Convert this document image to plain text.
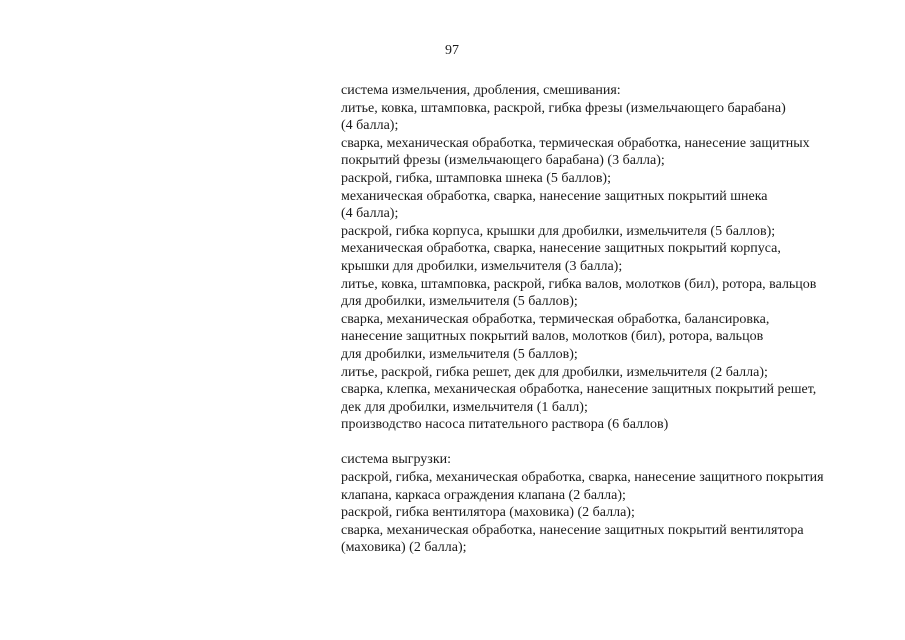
97
система измельчения, дробления, смешивания:
литье, ковка, штамповка, раскрой, гибка фрезы (измельчающего барабана)
(4 балла);
сварка, механическая обработка, термическая обработка, нанесение защитных
покрытий фрезы (измельчающего барабана) (3 балла);
раскрой, гибка, штамповка шнека (5 баллов);
механическая обработка, сварка, нанесение защитных покрытий шнека
(4 балла);
раскрой, гибка корпуса, крышки для дробилки, измельчителя (5 баллов);
механическая обработка, сварка, нанесение защитных покрытий корпуса,
крышки для дробилки, измельчителя (3 балла);
литье, ковка, штамповка, раскрой, гибка валов, молотков (бил), ротора, вальцов
для дробилки, измельчителя (5 баллов);
сварка, механическая обработка, термическая обработка, балансировка,
нанесение защитных покрытий валов, молотков (бил), ротора, вальцов
для дробилки, измельчителя (5 баллов);
литье, раскрой, гибка решет, дек для дробилки, измельчителя (2 балла);
сварка, клепка, механическая обработка, нанесение защитных покрытий решет,
дек для дробилки, измельчителя (1 балл);
производство насоса питательного раствора (6 баллов)
система выгрузки:
раскрой, гибка, механическая обработка, сварка, нанесение защитного покрытия
клапана, каркаса ограждения клапана (2 балла);
раскрой, гибка вентилятора (маховика) (2 балла);
сварка, механическая обработка, нанесение защитных покрытий вентилятора
(маховика) (2 балла);
